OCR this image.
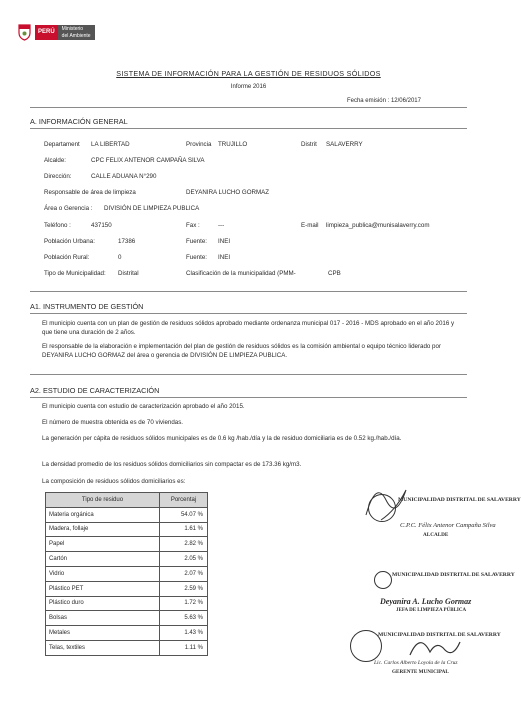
PERÚ	Ministerio
del Ambiente
SISTEMA DE INFORMACIÓN PARA LA GESTIÓN DE RESIDUOS SÓLIDOS
Informe 2016
Fecha emisión : 12/06/2017
A. INFORMACIÓN GENERAL
Departament LA LIBERTAD	Provincia TRUJILLO	Distrit SALAVERRY
Alcalde:	CPC FELIX ANTENOR CAMPAÑA SILVA
Dirección:	CALLE ADUANA N°290
Responsable de área de limpieza	DEYANIRA LUCHO GORMAZ
Área o Gerencia : DIVISIÓN DE LIMPIEZA PUBLICA
Teléfono :	437150	Fax :	---	E-mail limpieza_publica@munisalaverry.com
Población Urbana:	17386	Fuente: INEI
Población Rural:	0	Fuente: INEI
Tipo de Municipalidad: Distrital	Clasificación de la municipalidad (PMM-	CPB
A1. INSTRUMENTO DE GESTIÓN
El municipio cuenta con un plan de gestión de residuos sólidos aprobado mediante ordenanza municipal 017 - 2016 - MDS aprobado en el año 2016 y que tiene una duración de 2 años.
El responsable de la elaboración e implementación del plan de gestión de residuos sólidos es la comisión ambiental o equipo técnico liderado por DEYANIRA LUCHO GORMAZ del área o gerencia de DIVISIÓN DE LIMPIEZA PUBLICA.
A2. ESTUDIO DE CARACTERIZACIÓN
El municipio cuenta con estudio de caracterización aprobado el año 2015.
El número de muestra obtenida es de 70 viviendas.
La generación per cápita de residuos sólidos municipales es de 0.6 kg /hab./día y la de residuo domiciliaria es de 0.52 kg./hab./día.
La densidad promedio de los residuos sólidos domiciliarios sin compactar es de 173.36 kg/m3.
La composición de residuos sólidos domiciliarios es:
Tipo de residuo	Porcentaj
Materia orgánica	54.07 %
Madera, follaje	1.61 %
Papel	2.82 %
Cartón	2.05 %
Vidrio	2.07 %
Plástico PET	2.59 %
Plástico duro	1.72 %
Bolsas	5.63 %
Metales	1.43 %
Telas, textiles	1.11 %
MUNICIPALIDAD DISTRITAL DE SALAVERRY
C.P.C. Félix Antenor Campaña Silva
ALCALDE
MUNICIPALIDAD DISTRITAL DE SALAVERRY
Deyanira A. Lucho Gormaz
JEFA DE LIMPIEZA PÚBLICA
MUNICIPALIDAD DISTRITAL DE SALAVERRY
Lic. Carlos Alberto Loyola de la Cruz
GERENTE MUNICIPAL
